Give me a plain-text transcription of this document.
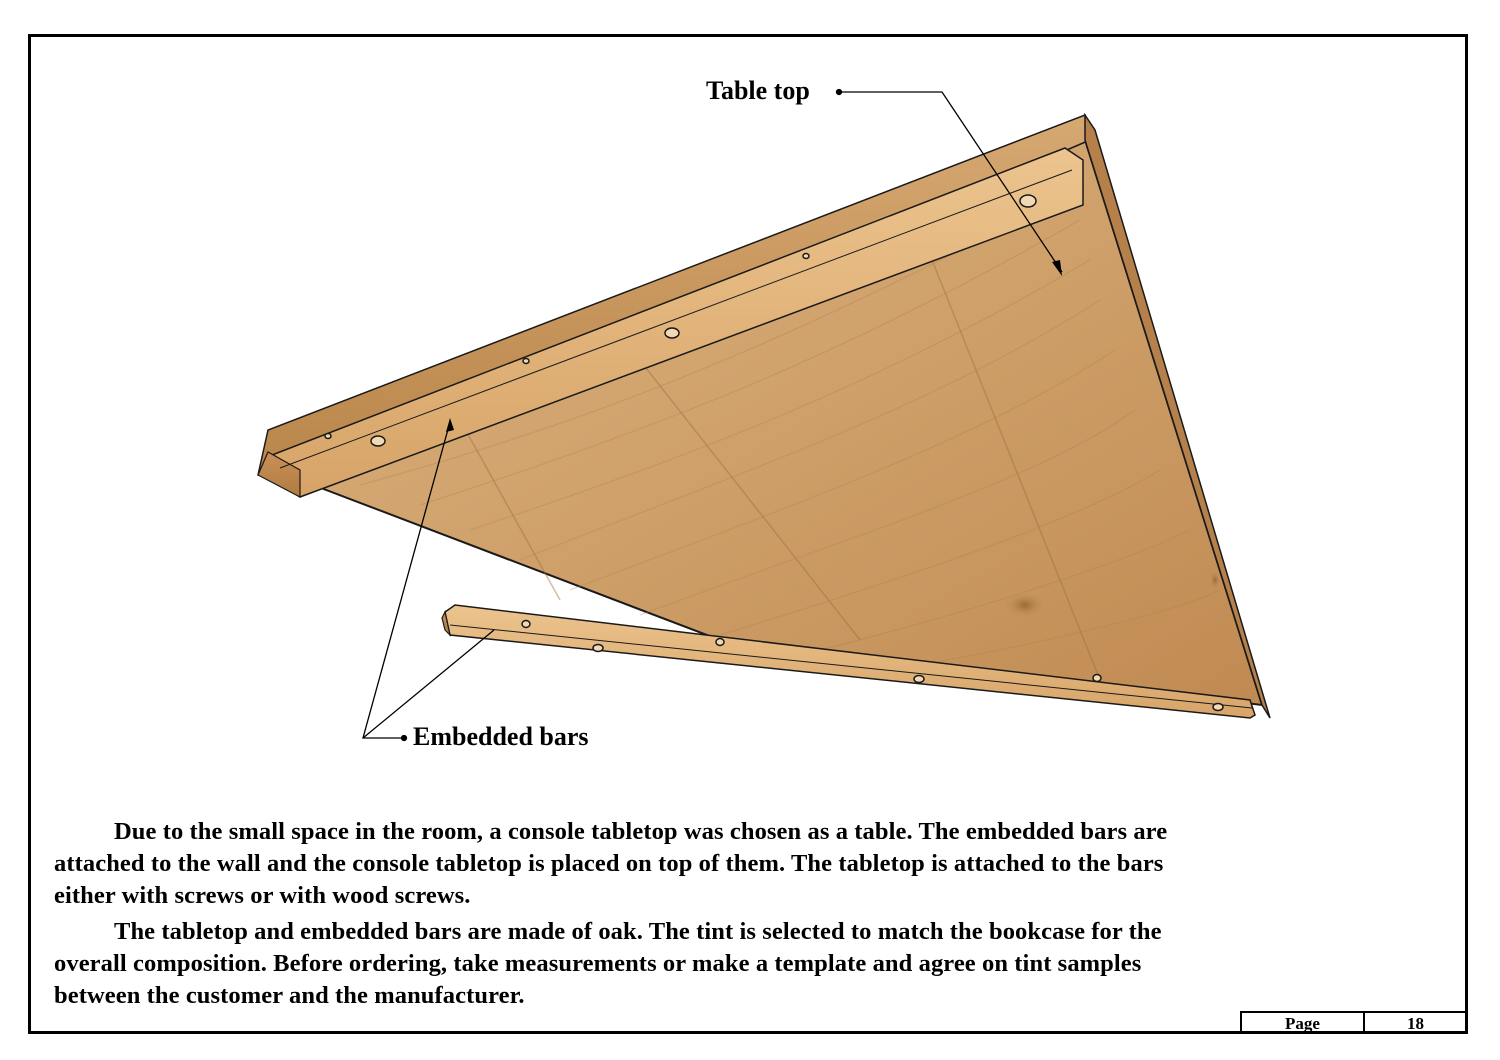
Table top
Embedded bars

Due to the small space in the room, a console tabletop was chosen as a table. The embedded bars are attached to the wall and the console tabletop is placed on top of them. The tabletop is attached to the bars either with screws or with wood screws.

The tabletop and embedded bars are made of oak. The tint is selected to match the bookcase for the overall composition. Before ordering, take measurements or make a template and agree on tint samples between the customer and the manufacturer.

Page	18
